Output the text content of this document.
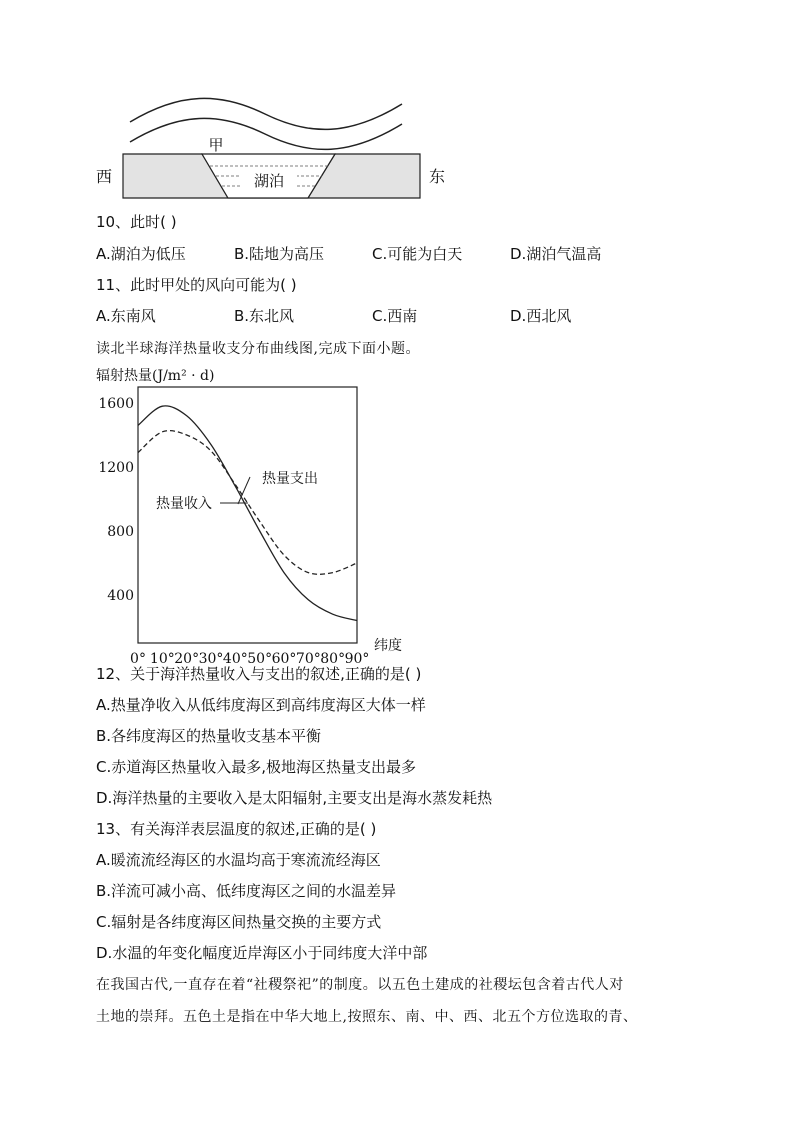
湖泊
甲
西	东
10、此时( )
A.湖泊为低压	B.陆地为高压	C.可能为白天	D.湖泊气温高
11、此时甲处的风向可能为( )
A.东南风	B.东北风	C.西南	D.西北风
读北半球海洋热量收支分布曲线图,完成下面小题。
辐射热量(J/m² · d)
400
800
1200
1600
0° 10° 20° 30° 40° 50° 60° 70° 80° 90°
热量支出
热量收入
纬度
12、关于海洋热量收入与支出的叙述,正确的是( )
A.热量净收入从低纬度海区到高纬度海区大体一样
B.各纬度海区的热量收支基本平衡
C.赤道海区热量收入最多,极地海区热量支出最多
D.海洋热量的主要收入是太阳辐射,主要支出是海水蒸发耗热
13、有关海洋表层温度的叙述,正确的是( )
A.暖流流经海区的水温均高于寒流流经海区
B.洋流可减小高、低纬度海区之间的水温差异
C.辐射是各纬度海区间热量交换的主要方式
D.水温的年变化幅度近岸海区小于同纬度大洋中部
在我国古代,一直存在着“社稷祭祀”的制度。以五色土建成的社稷坛包含着古代人对
土地的崇拜。五色土是指在中华大地上,按照东、南、中、西、北五个方位选取的青、
